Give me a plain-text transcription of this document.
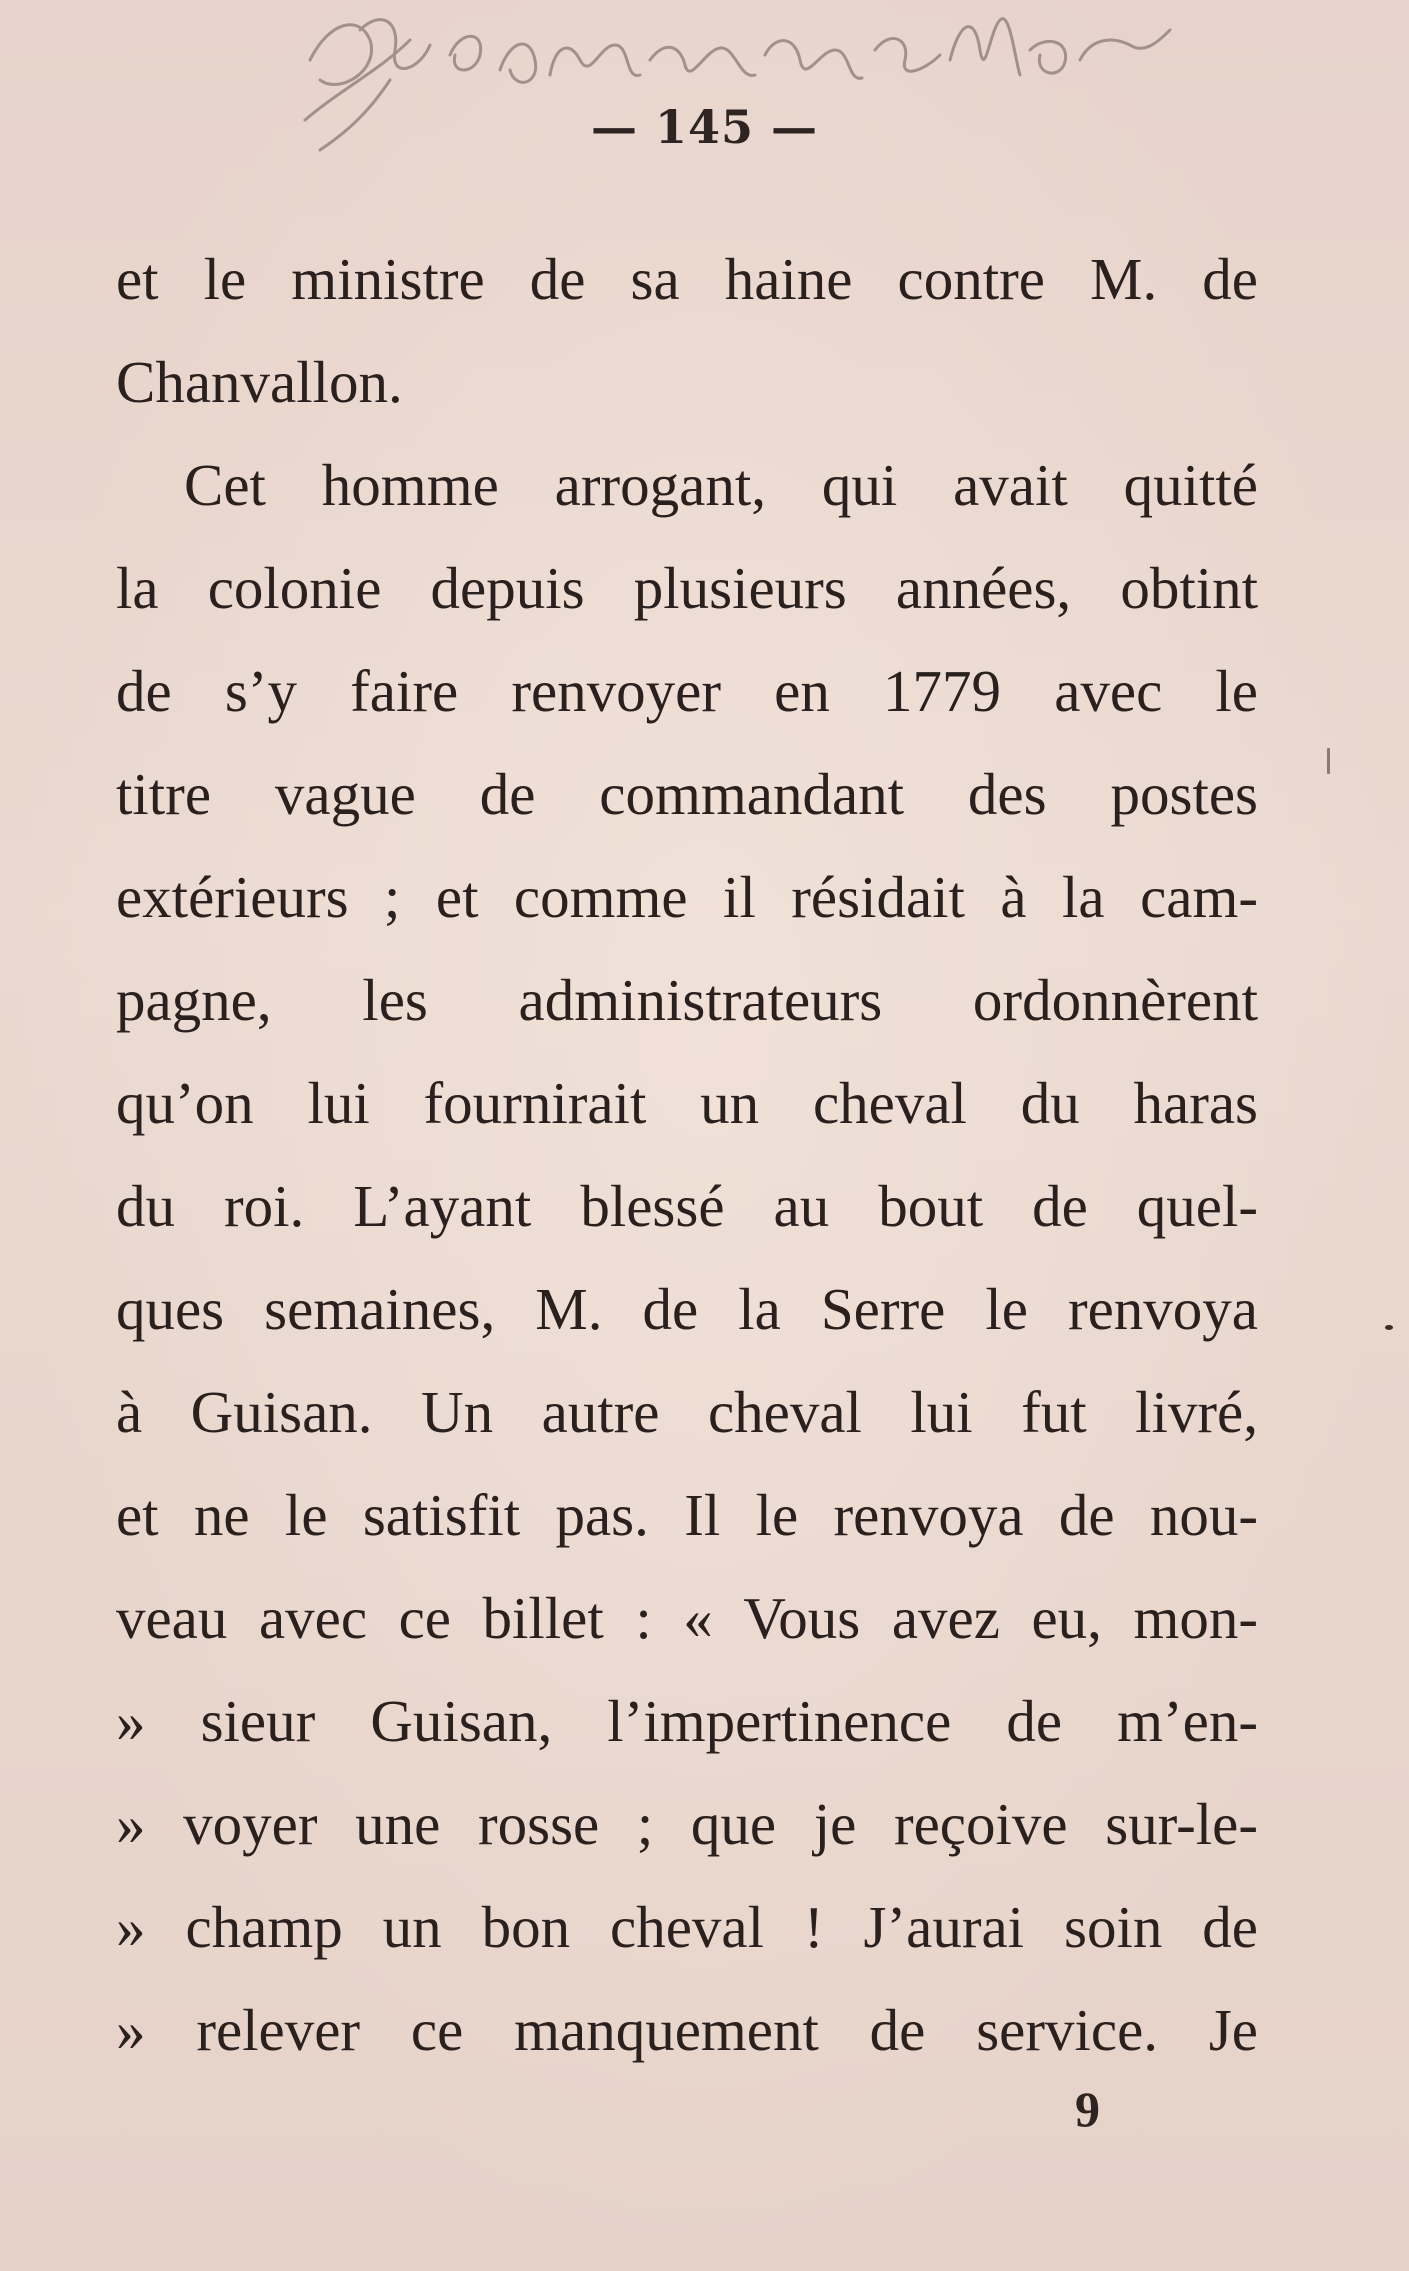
— 145 —
et le ministre de sa haine contre M. de
Chanvallon.
Cet homme arrogant, qui avait quitté
la colonie depuis plusieurs années, obtint
de s’y faire renvoyer en 1779 avec le
titre vague de commandant des postes
extérieurs ; et comme il résidait à la cam-
pagne, les administrateurs ordonnèrent
qu’on lui fournirait un cheval du haras
du roi. L’ayant blessé au bout de quel-
ques semaines, M. de la Serre le renvoya
à Guisan. Un autre cheval lui fut livré,
et ne le satisfit pas. Il le renvoya de nou-
veau avec ce billet : « Vous avez eu, mon-
» sieur Guisan, l’impertinence de m’en-
» voyer une rosse ; que je reçoive sur-le-
» champ un bon cheval ! J’aurai soin de
» relever ce manquement de service. Je
9
